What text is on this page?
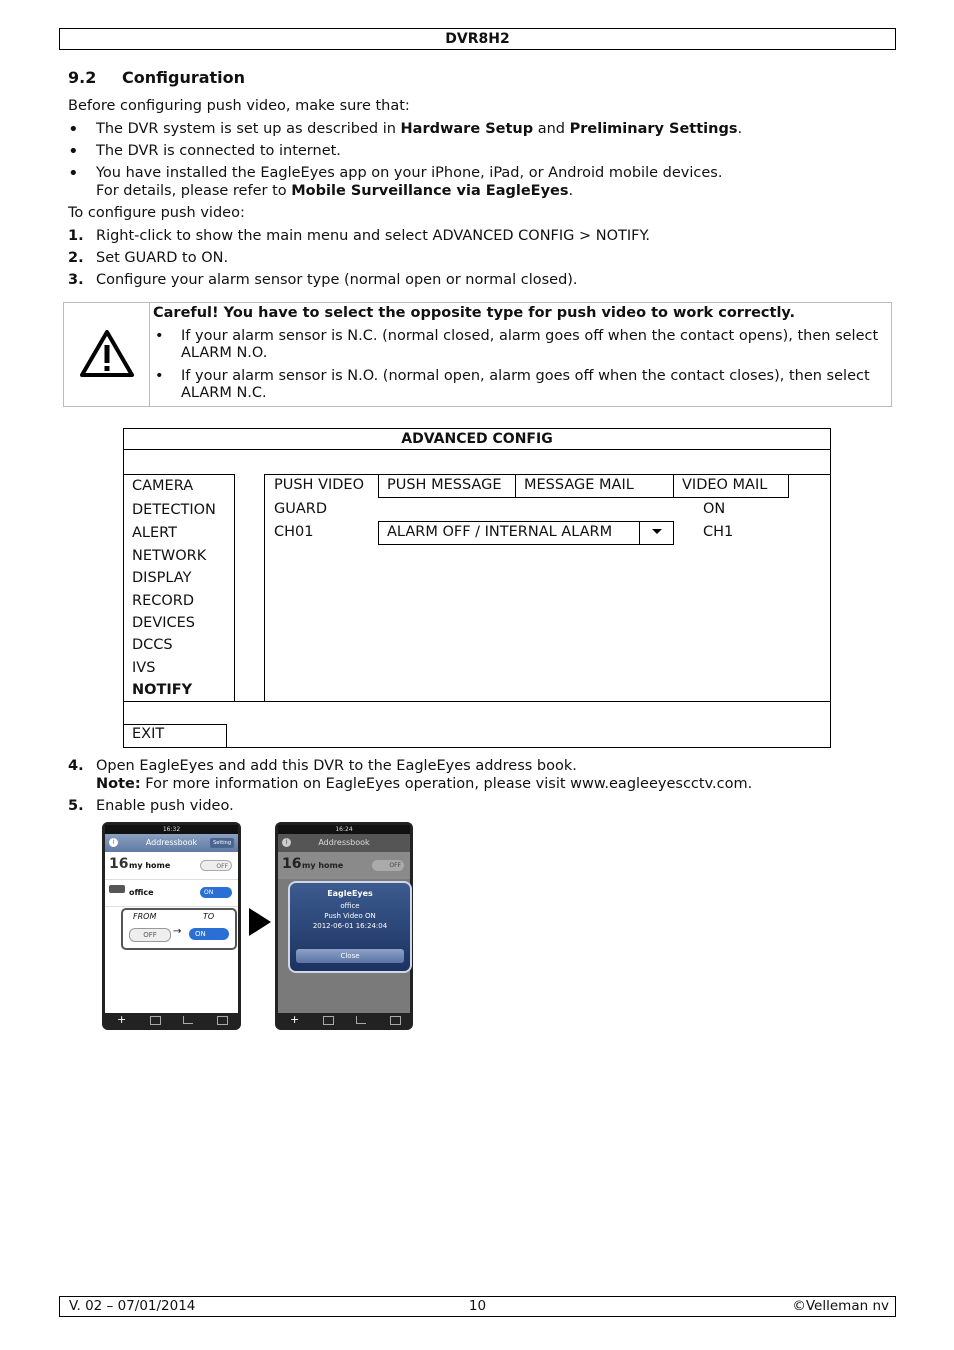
DVR8H2
9.2 Configuration
Before configuring push video, make sure that:
•	The DVR system is set up as described in Hardware Setup and Preliminary Settings.
•	The DVR is connected to internet.
•	You have installed the EagleEyes app on your iPhone, iPad, or Android mobile devices.
For details, please refer to Mobile Surveillance via EagleEyes.
To configure push video:
1. Right-click to show the main menu and select ADVANCED CONFIG > NOTIFY.
2. Set GUARD to ON.
3. Configure your alarm sensor type (normal open or normal closed).
Careful! You have to select the opposite type for push video to work correctly.
• If your alarm sensor is N.C. (normal closed, alarm goes off when the contact opens), then select
ALARM N.O.
• If your alarm sensor is N.O. (normal open, alarm goes off when the contact closes), then select
ALARM N.C.
ADVANCED CONFIG
CAMERA
DETECTION
ALERT
NETWORK
DISPLAY
RECORD
DEVICES
DCCS
IVS
NOTIFY
PUSH VIDEO PUSH MESSAGE MESSAGE MAIL	VIDEO MAIL
GUARD	ON
CH01	ALARM OFF / INTERNAL ALARM	CH1
EXIT
4. Open EagleEyes and add this DVR to the EagleEyes address book.
Note: For more information on EagleEyes operation, please visit www.eagleeyescctv.com.
5. Enable push video.
16:32
i	Addressbook	Setting
16 my home	OFF
office	ON
FROM	TO
OFF	→	ON
+
16:24
i	Addressbook
16 my home	OFF
EagleEyes
office
Push Video ON
2012-06-01 16:24:04
Close
+
V. 02 – 07/01/2014	10	©Velleman nv
